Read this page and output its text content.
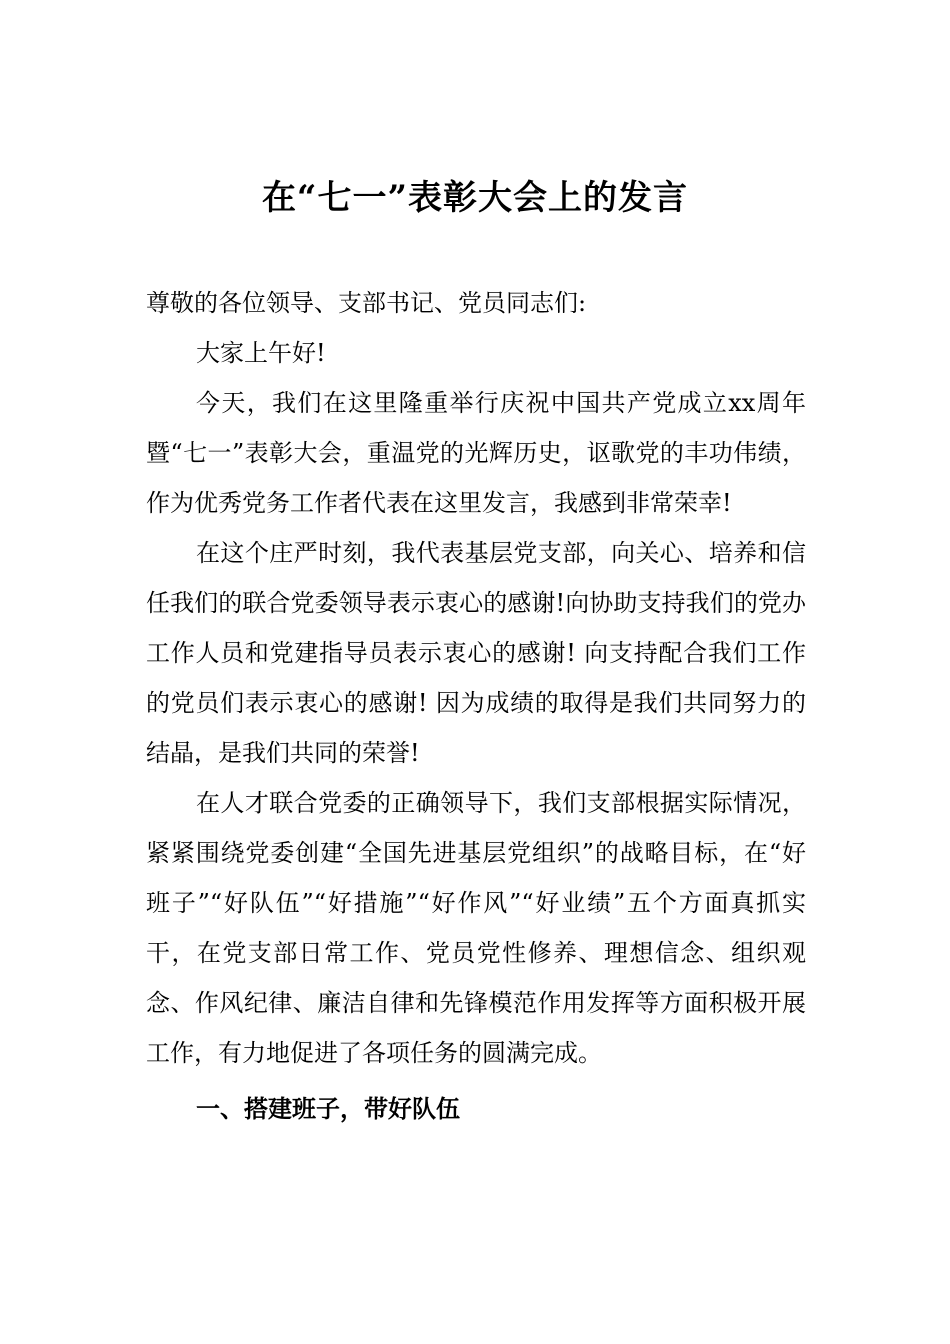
在“七一”表彰大会上的发言

尊敬的各位领导、支部书记、党员同志们:

大家上午好!

今天，我们在这里隆重举行庆祝中国共产党成立xx周年暨“七一”表彰大会，重温党的光辉历史，讴歌党的丰功伟绩，作为优秀党务工作者代表在这里发言，我感到非常荣幸!

在这个庄严时刻，我代表基层党支部，向关心、培养和信任我们的联合党委领导表示衷心的感谢!向协助支持我们的党办工作人员和党建指导员表示衷心的感谢! 向支持配合我们工作的党员们表示衷心的感谢! 因为成绩的取得是我们共同努力的结晶，是我们共同的荣誉!

在人才联合党委的正确领导下，我们支部根据实际情况，紧紧围绕党委创建“全国先进基层党组织”的战略目标，在“好班子”“好队伍”“好措施”“好作风”“好业绩”五个方面真抓实干，在党支部日常工作、党员党性修养、理想信念、组织观念、作风纪律、廉洁自律和先锋模范作用发挥等方面积极开展工作，有力地促进了各项任务的圆满完成。

一、搭建班子，带好队伍
